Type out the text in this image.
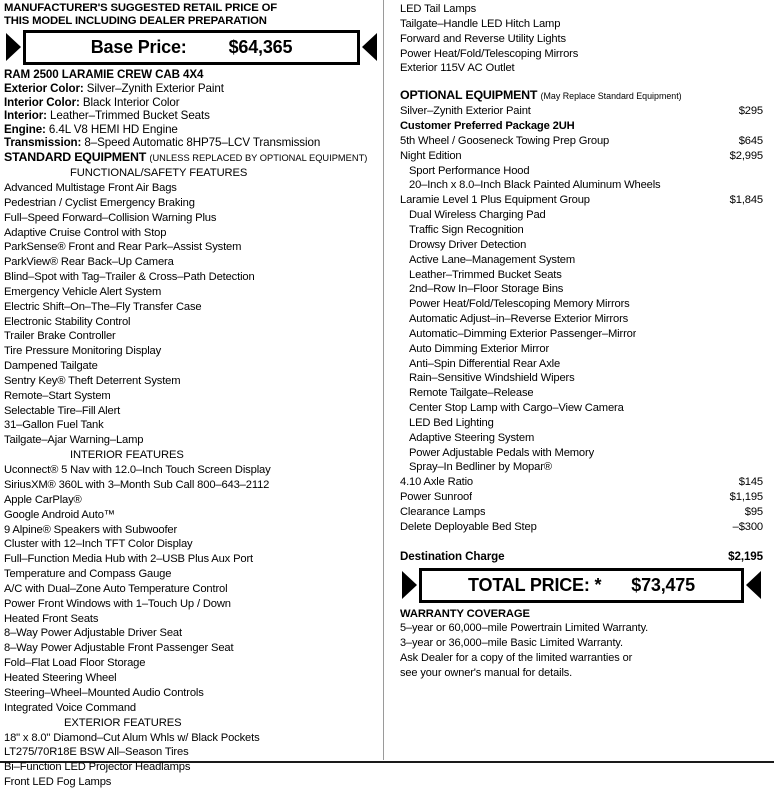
MANUFACTURER'S SUGGESTED RETAIL PRICE OF
THIS MODEL INCLUDING DEALER PREPARATION
Base Price: $64,365
RAM 2500 LARAMIE CREW CAB 4X4
Exterior Color: Silver–Zynith Exterior Paint
Interior Color: Black Interior Color
Interior: Leather–Trimmed Bucket Seats
Engine: 6.4L V8 HEMI HD Engine
Transmission: 8–Speed Automatic 8HP75–LCV Transmission
STANDARD EQUIPMENT (UNLESS REPLACED BY OPTIONAL EQUIPMENT)
FUNCTIONAL/SAFETY FEATURES
Advanced Multistage Front Air Bags
Pedestrian / Cyclist Emergency Braking
Full–Speed Forward–Collision Warning Plus
Adaptive Cruise Control with Stop
ParkSense® Front and Rear Park–Assist System
ParkView® Rear Back–Up Camera
Blind–Spot with Tag–Trailer & Cross–Path Detection
Emergency Vehicle Alert System
Electric Shift–On–The–Fly Transfer Case
Electronic Stability Control
Trailer Brake Controller
Tire Pressure Monitoring Display
Dampened Tailgate
Sentry Key® Theft Deterrent System
Remote–Start System
Selectable Tire–Fill Alert
31–Gallon Fuel Tank
Tailgate–Ajar Warning–Lamp
INTERIOR FEATURES
Uconnect® 5 Nav with 12.0–Inch Touch Screen Display
SiriusXM® 360L with 3–Month Sub Call 800–643–2112
Apple CarPlay®
Google Android Auto™
9 Alpine® Speakers with Subwoofer
Cluster with 12–Inch TFT Color Display
Full–Function Media Hub with 2–USB Plus Aux Port
Temperature and Compass Gauge
A/C with Dual–Zone Auto Temperature Control
Power Front Windows with 1–Touch Up / Down
Heated Front Seats
8–Way Power Adjustable Driver Seat
8–Way Power Adjustable Front Passenger Seat
Fold–Flat Load Floor Storage
Heated Steering Wheel
Steering–Wheel–Mounted Audio Controls
Integrated Voice Command
EXTERIOR FEATURES
18" x 8.0" Diamond–Cut Alum Whls w/ Black Pockets
LT275/70R18E BSW All–Season Tires
Bi–Function LED Projector Headlamps
Front LED Fog Lamps
LED Tail Lamps
Tailgate–Handle LED Hitch Lamp
Forward and Reverse Utility Lights
Power Heat/Fold/Telescoping Mirrors
Exterior 115V AC Outlet
OPTIONAL EQUIPMENT (May Replace Standard Equipment)
Silver–Zynith Exterior Paint	$295
Customer Preferred Package 2UH
5th Wheel / Gooseneck Towing Prep Group	$645
Night Edition	$2,995
Sport Performance Hood
20–Inch x 8.0–Inch Black Painted Aluminum Wheels
Laramie Level 1 Plus Equipment Group	$1,845
Dual Wireless Charging Pad
Traffic Sign Recognition
Drowsy Driver Detection
Active Lane–Management System
Leather–Trimmed Bucket Seats
2nd–Row In–Floor Storage Bins
Power Heat/Fold/Telescoping Memory Mirrors
Automatic Adjust–in–Reverse Exterior Mirrors
Automatic–Dimming Exterior Passenger–Mirror
Auto Dimming Exterior Mirror
Anti–Spin Differential Rear Axle
Rain–Sensitive Windshield Wipers
Remote Tailgate–Release
Center Stop Lamp with Cargo–View Camera
LED Bed Lighting
Adaptive Steering System
Power Adjustable Pedals with Memory
Spray–In Bedliner by Mopar®
4.10 Axle Ratio	$145
Power Sunroof	$1,195
Clearance Lamps	$95
Delete Deployable Bed Step	–$300
Destination Charge	$2,195
TOTAL PRICE: * $73,475
WARRANTY COVERAGE
5–year or 60,000–mile Powertrain Limited Warranty.
3–year or 36,000–mile Basic Limited Warranty.
Ask Dealer for a copy of the limited warranties or
see your owner's manual for details.
